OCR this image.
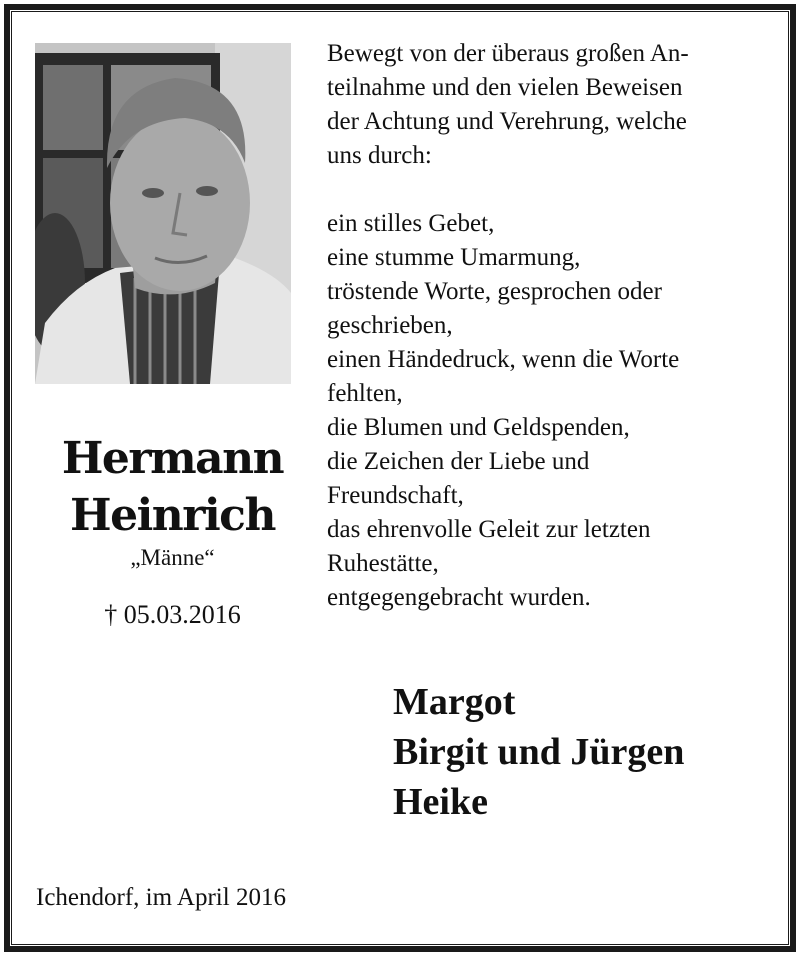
Hermann
Heinrich
„Männe“
† 05.03.2016
Bewegt von der überaus großen An-
teilnahme und den vielen Beweisen
der Achtung und Verehrung, welche
uns durch:
ein stilles Gebet,
eine stumme Umarmung,
tröstende Worte, gesprochen oder
geschrieben,
einen Händedruck, wenn die Worte
fehlten,
die Blumen und Geldspenden,
die Zeichen der Liebe und
Freundschaft,
das ehrenvolle Geleit zur letzten
Ruhestätte,
entgegengebracht wurden.
Margot
Birgit und Jürgen
Heike
Ichendorf, im April 2016
